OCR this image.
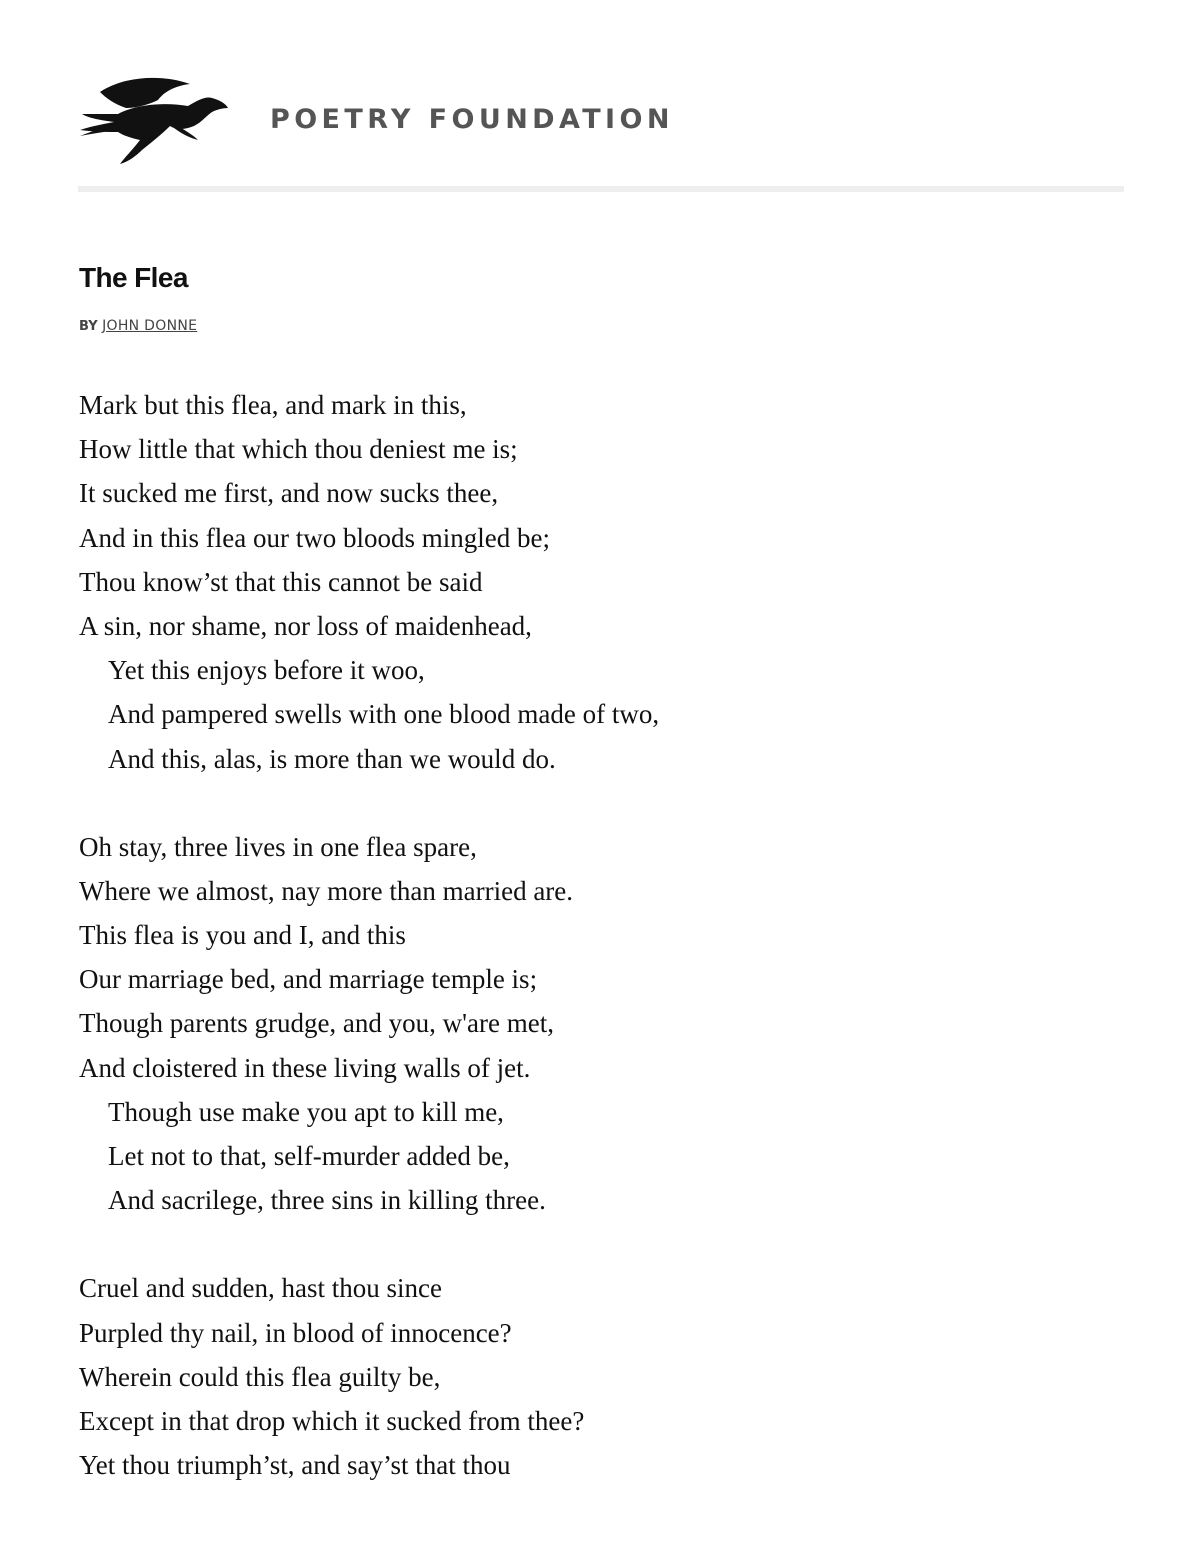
POETRY FOUNDATION
The Flea
BY JOHN DONNE
Mark but this flea, and mark in this,
How little that which thou deniest me is;
It sucked me first, and now sucks thee,
And in this flea our two bloods mingled be;
Thou know’st that this cannot be said
A sin, nor shame, nor loss of maidenhead,
Yet this enjoys before it woo,
And pampered swells with one blood made of two,
And this, alas, is more than we would do.
Oh stay, three lives in one flea spare,
Where we almost, nay more than married are.
This flea is you and I, and this
Our marriage bed, and marriage temple is;
Though parents grudge, and you, w'are met,
And cloistered in these living walls of jet.
Though use make you apt to kill me,
Let not to that, self-murder added be,
And sacrilege, three sins in killing three.
Cruel and sudden, hast thou since
Purpled thy nail, in blood of innocence?
Wherein could this flea guilty be,
Except in that drop which it sucked from thee?
Yet thou triumph’st, and say’st that thou
